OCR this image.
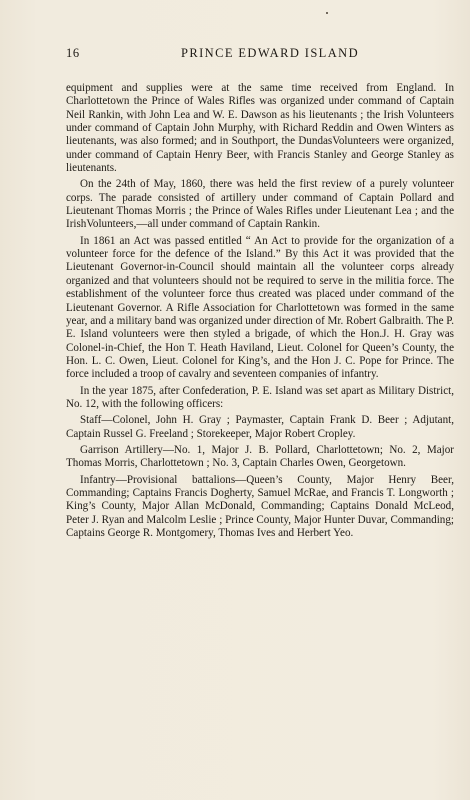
16	PRINCE EDWARD ISLAND

equipment and supplies were at the same time received from England. In Charlottetown the Prince of Wales Rifles was organized under command of Captain Neil Rankin, with John Lea and W. E. Dawson as his lieutenants ; the Irish Volunteers under command of Captain John Murphy, with Richard Reddin and Owen Winters as lieutenants, was also formed; and in Southport, the DundasVolunteers were organized, under command of Captain Henry Beer, with Francis Stanley and George Stanley as lieutenants.

On the 24th of May, 1860, there was held the first review of a purely volunteer corps. The parade consisted of artillery under command of Captain Pollard and Lieutenant Thomas Morris ; the Prince of Wales Rifles under Lieutenant Lea ; and the IrishVolunteers,—all under command of Captain Rankin.

In 1861 an Act was passed entitled “ An Act to provide for the organization of a volunteer force for the defence of the Island.” By this Act it was provided that the Lieutenant Governor-in-Council should maintain all the volunteer corps already organized and that volunteers should not be required to serve in the militia force. The establishment of the volunteer force thus created was placed under command of the Lieutenant Governor. A Rifle Association for Charlottetown was formed in the same year, and a military band was organized under direction of Mr. Robert Galbraith. The P. E. Island volunteers were then styled a brigade, of which the Hon.J. H. Gray was Colonel-in-Chief, the Hon T. Heath Haviland, Lieut. Colonel for Queen’s County, the Hon. L. C. Owen, Lieut. Colonel for King’s, and the Hon J. C. Pope for Prince. The force included a troop of cavalry and seventeen companies of infantry.

In the year 1875, after Confederation, P. E. Island was set apart as Military District, No. 12, with the following officers:

Staff—Colonel, John H. Gray ; Paymaster, Captain Frank D. Beer ; Adjutant, Captain Russel G. Freeland ; Storekeeper, Major Robert Cropley.

Garrison Artillery—No. 1, Major J. B. Pollard, Charlottetown; No. 2, Major Thomas Morris, Charlottetown ; No. 3, Captain Charles Owen, Georgetown.

Infantry—Provisional battalions—Queen’s County, Major Henry Beer, Commanding; Captains Francis Dogherty, Samuel McRae, and Francis T. Longworth ; King’s County, Major Allan McDonald, Commanding; Captains Donald McLeod, Peter J. Ryan and Malcolm Leslie ; Prince County, Major Hunter Duvar, Commanding; Captains George R. Montgomery, Thomas Ives and Herbert Yeo.
